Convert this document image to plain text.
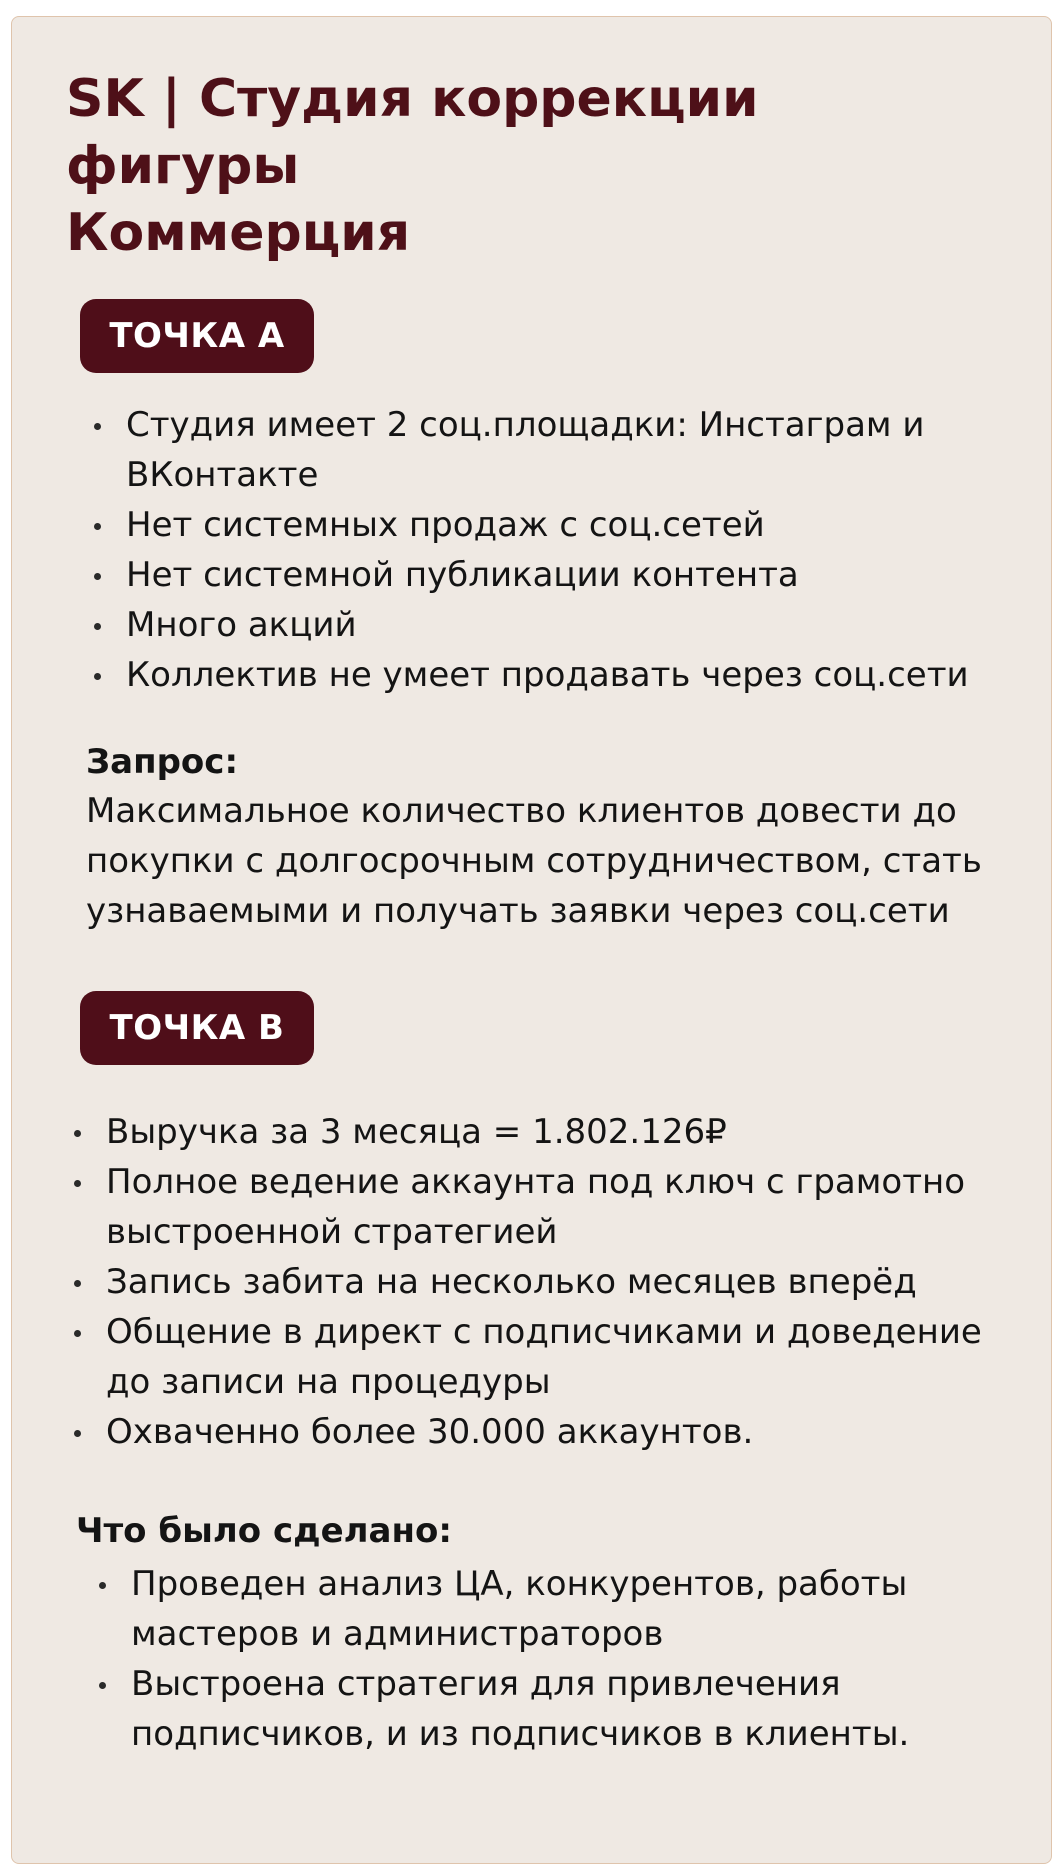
SK | Студия коррекции
фигуры
Коммерция
ТОЧКА А
Студия имеет 2 соц.площадки: Инстаграм и ВКонтакте
Нет системных продаж с соц.сетей
Нет системной публикации контента
Много акций
Коллектив не умеет продавать через соц.сети
Запрос:
Максимальное количество клиентов довести до
покупки с долгосрочным сотрудничеством, стать
узнаваемыми и получать заявки через соц.сети
ТОЧКА В
Выручка за 3 месяца = 1.802.126₽
Полное ведение аккаунта под ключ с грамотно выстроенной стратегией
Запись забита на несколько месяцев вперёд
Общение в директ с подписчиками и доведение до записи на процедуры
Охваченно более 30.000 аккаунтов.
Что было сделано:
Проведен анализ ЦА, конкурентов, работы мастеров и администраторов
Выстроена стратегия для привлечения подписчиков, и из подписчиков в клиенты.
